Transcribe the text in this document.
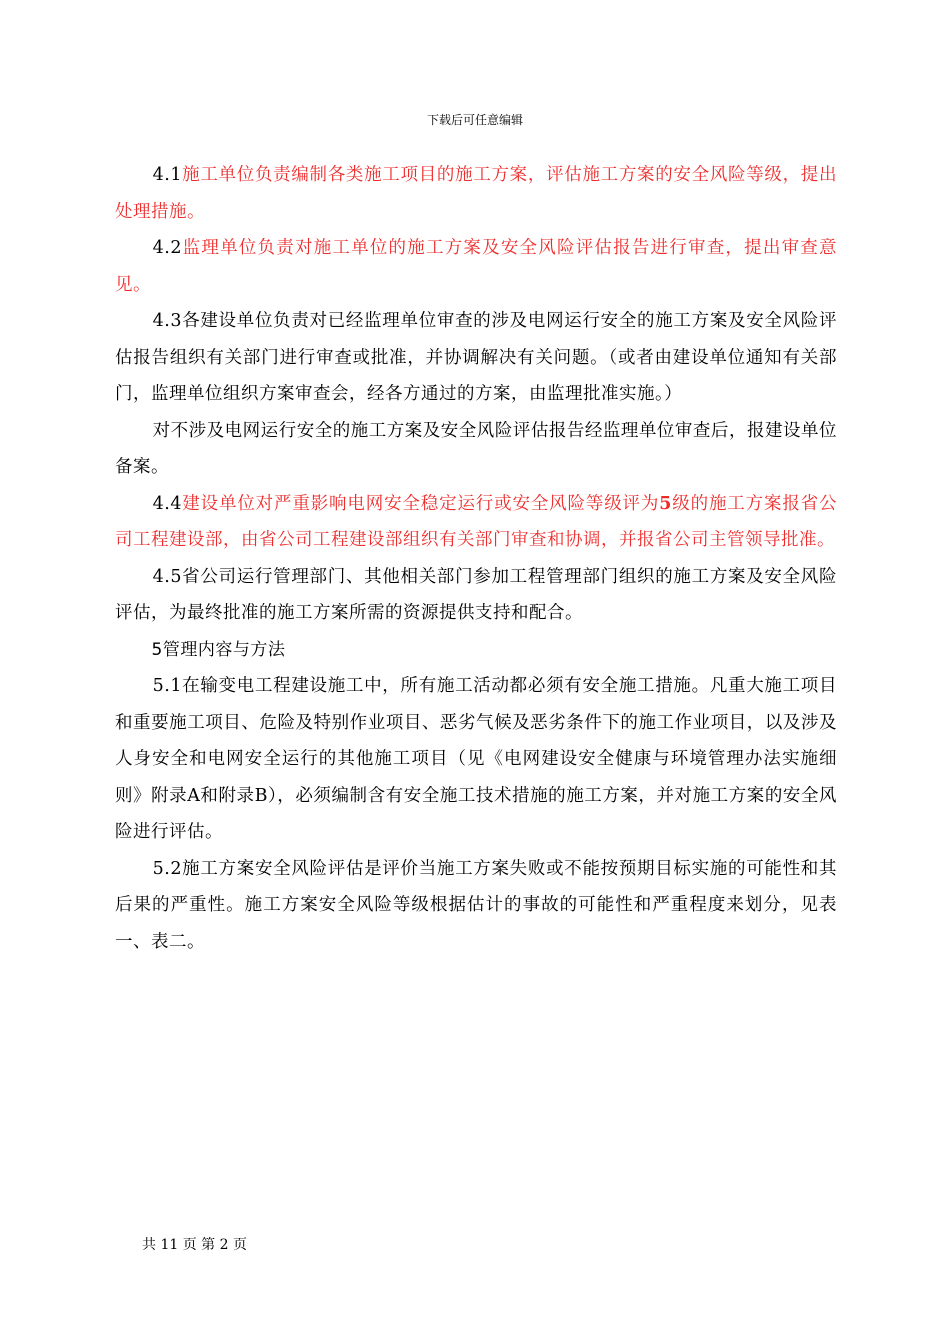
下载后可任意编辑

4.1施工单位负责编制各类施工项目的施工方案，评估施工方案的安全风险等级，提出处理措施。

4.2监理单位负责对施工单位的施工方案及安全风险评估报告进行审查，提出审查意见。

4.3各建设单位负责对已经监理单位审查的涉及电网运行安全的施工方案及安全风险评估报告组织有关部门进行审查或批准，并协调解决有关问题。（或者由建设单位通知有关部门，监理单位组织方案审查会，经各方通过的方案，由监理批准实施。）

对不涉及电网运行安全的施工方案及安全风险评估报告经监理单位审查后，报建设单位备案。

4.4建设单位对严重影响电网安全稳定运行或安全风险等级评为5级的施工方案报省公司工程建设部，由省公司工程建设部组织有关部门审查和协调，并报省公司主管领导批准。

4.5省公司运行管理部门、其他相关部门参加工程管理部门组织的施工方案及安全风险评估，为最终批准的施工方案所需的资源提供支持和配合。

5管理内容与方法

5.1在输变电工程建设施工中，所有施工活动都必须有安全施工措施。凡重大施工项目和重要施工项目、危险及特别作业项目、恶劣气候及恶劣条件下的施工作业项目，以及涉及人身安全和电网安全运行的其他施工项目（见《电网建设安全健康与环境管理办法实施细则》附录A和附录B），必须编制含有安全施工技术措施的施工方案，并对施工方案的安全风险进行评估。

5.2施工方案安全风险评估是评价当施工方案失败或不能按预期目标实施的可能性和其后果的严重性。施工方案安全风险等级根据估计的事故的可能性和严重程度来划分，见表一、表二。

共 11 页 第 2 页
